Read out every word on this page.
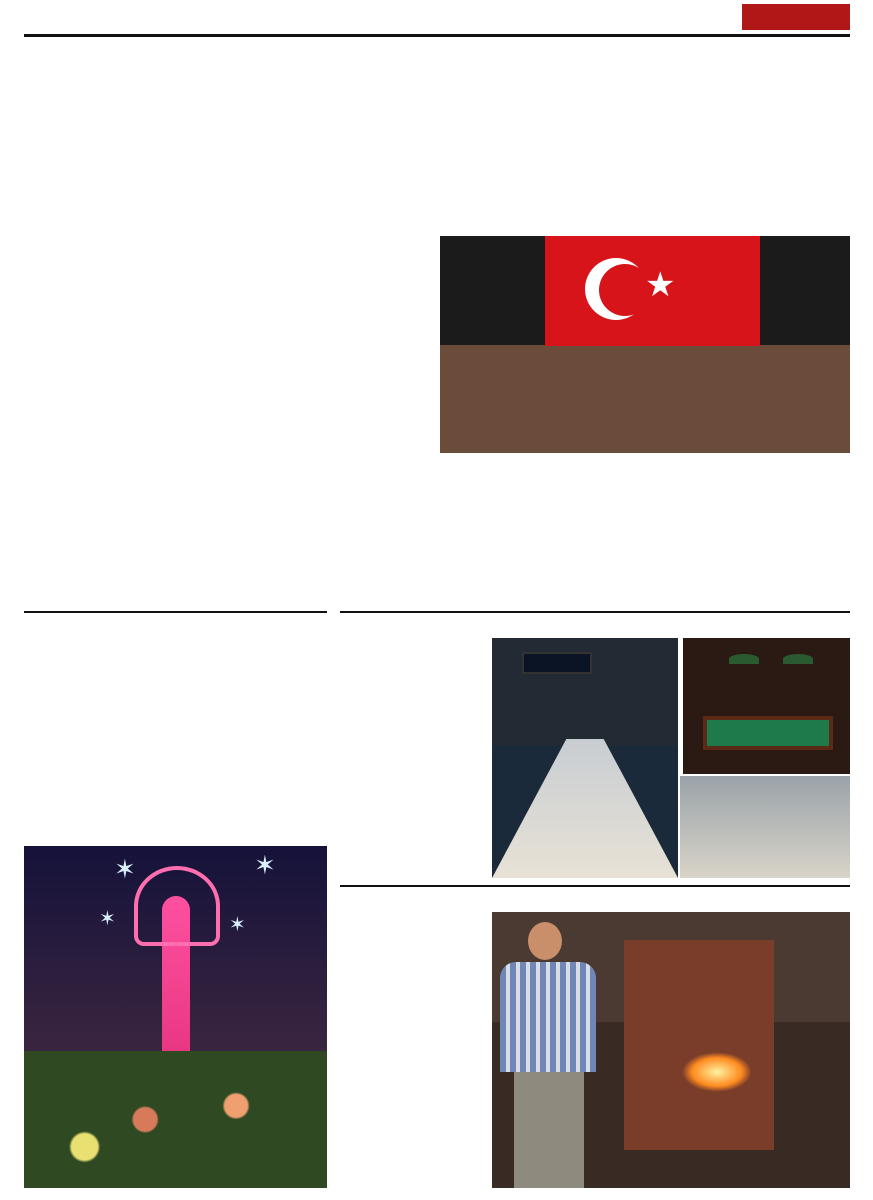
★
✶	✶
✶	✶
